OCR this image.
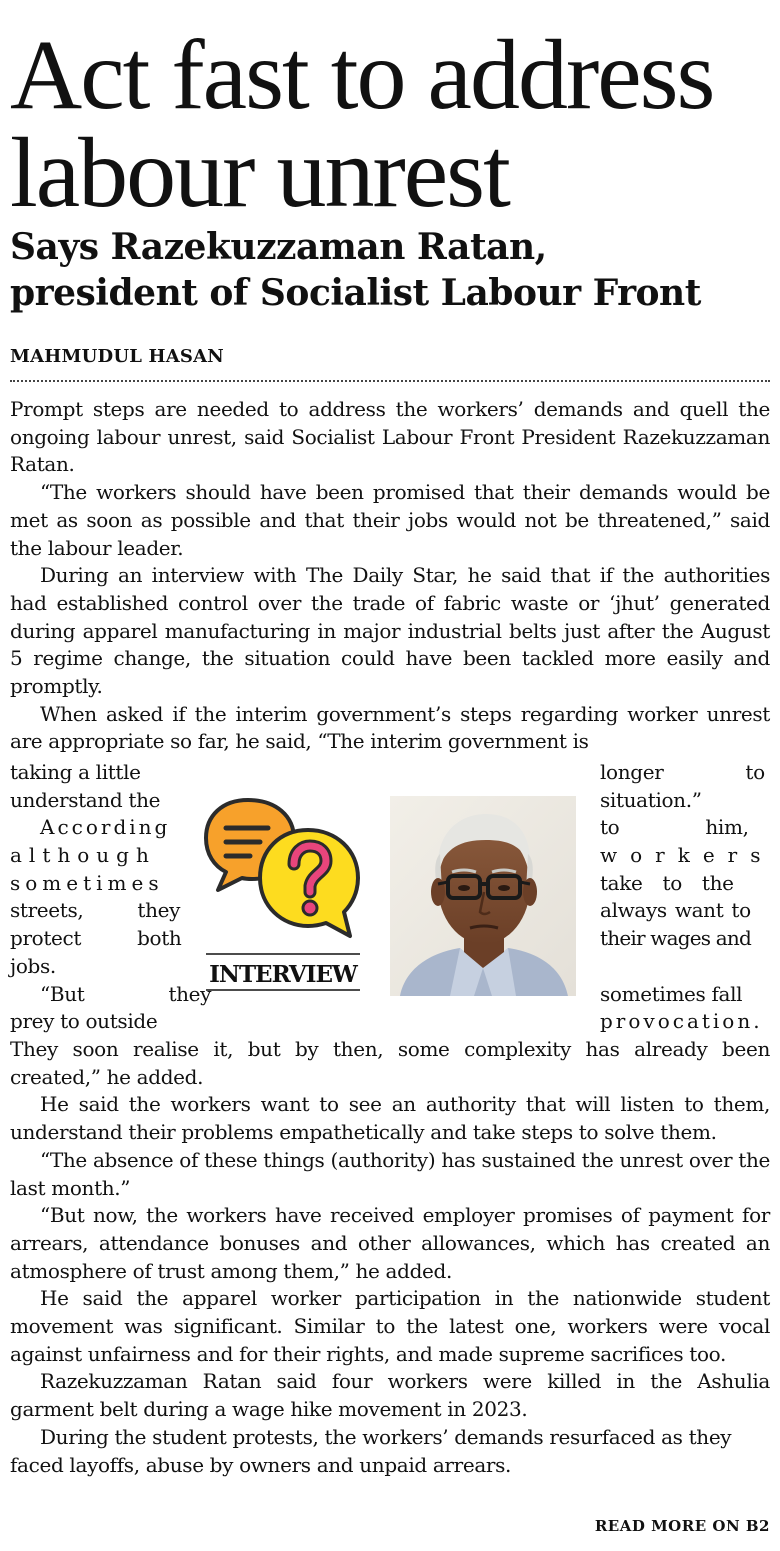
Act fast to address
labour unrest
Says Razekuzzaman Ratan,
president of Socialist Labour Front
MAHMUDUL HASAN

Prompt steps are needed to address the workers’ demands and quell the ongoing labour unrest, said Socialist Labour Front President Razekuzzaman Ratan.

“The workers should have been promised that their demands would be met as soon as possible and that their jobs would not be threatened,” said the labour leader.

During an interview with The Daily Star, he said that if the authorities had established control over the trade of fabric waste or ‘jhut’ generated during apparel manufacturing in major industrial belts just after the August 5 regime change, the situation could have been tackled more easily and promptly.

When asked if the interim government’s steps regarding worker unrest are appropriate so far, he said, “The interim government is

taking a little
understand the
According
although
sometimes
streets, they
protect both
jobs.
“But they
prey to outside
longer to
situation.”
to him,
workers
take to the
always want to
their wages and
sometimes fall
provocation.
INTERVIEW

They soon realise it, but by then, some complexity has already been created,” he added.

He said the workers want to see an authority that will listen to them, understand their problems empathetically and take steps to solve them.

“The absence of these things (authority) has sustained the unrest over the last month.”

“But now, the workers have received employer promises of payment for arrears, attendance bonuses and other allowances, which has created an atmosphere of trust among them,” he added.

He said the apparel worker participation in the nationwide student movement was significant. Similar to the latest one, workers were vocal against unfairness and for their rights, and made supreme sacrifices too.

Razekuzzaman Ratan said four workers were killed in the Ashulia garment belt during a wage hike movement in 2023.

During the student protests, the workers’ demands resurfaced as they faced layoffs, abuse by owners and unpaid arrears.

READ MORE ON B2
